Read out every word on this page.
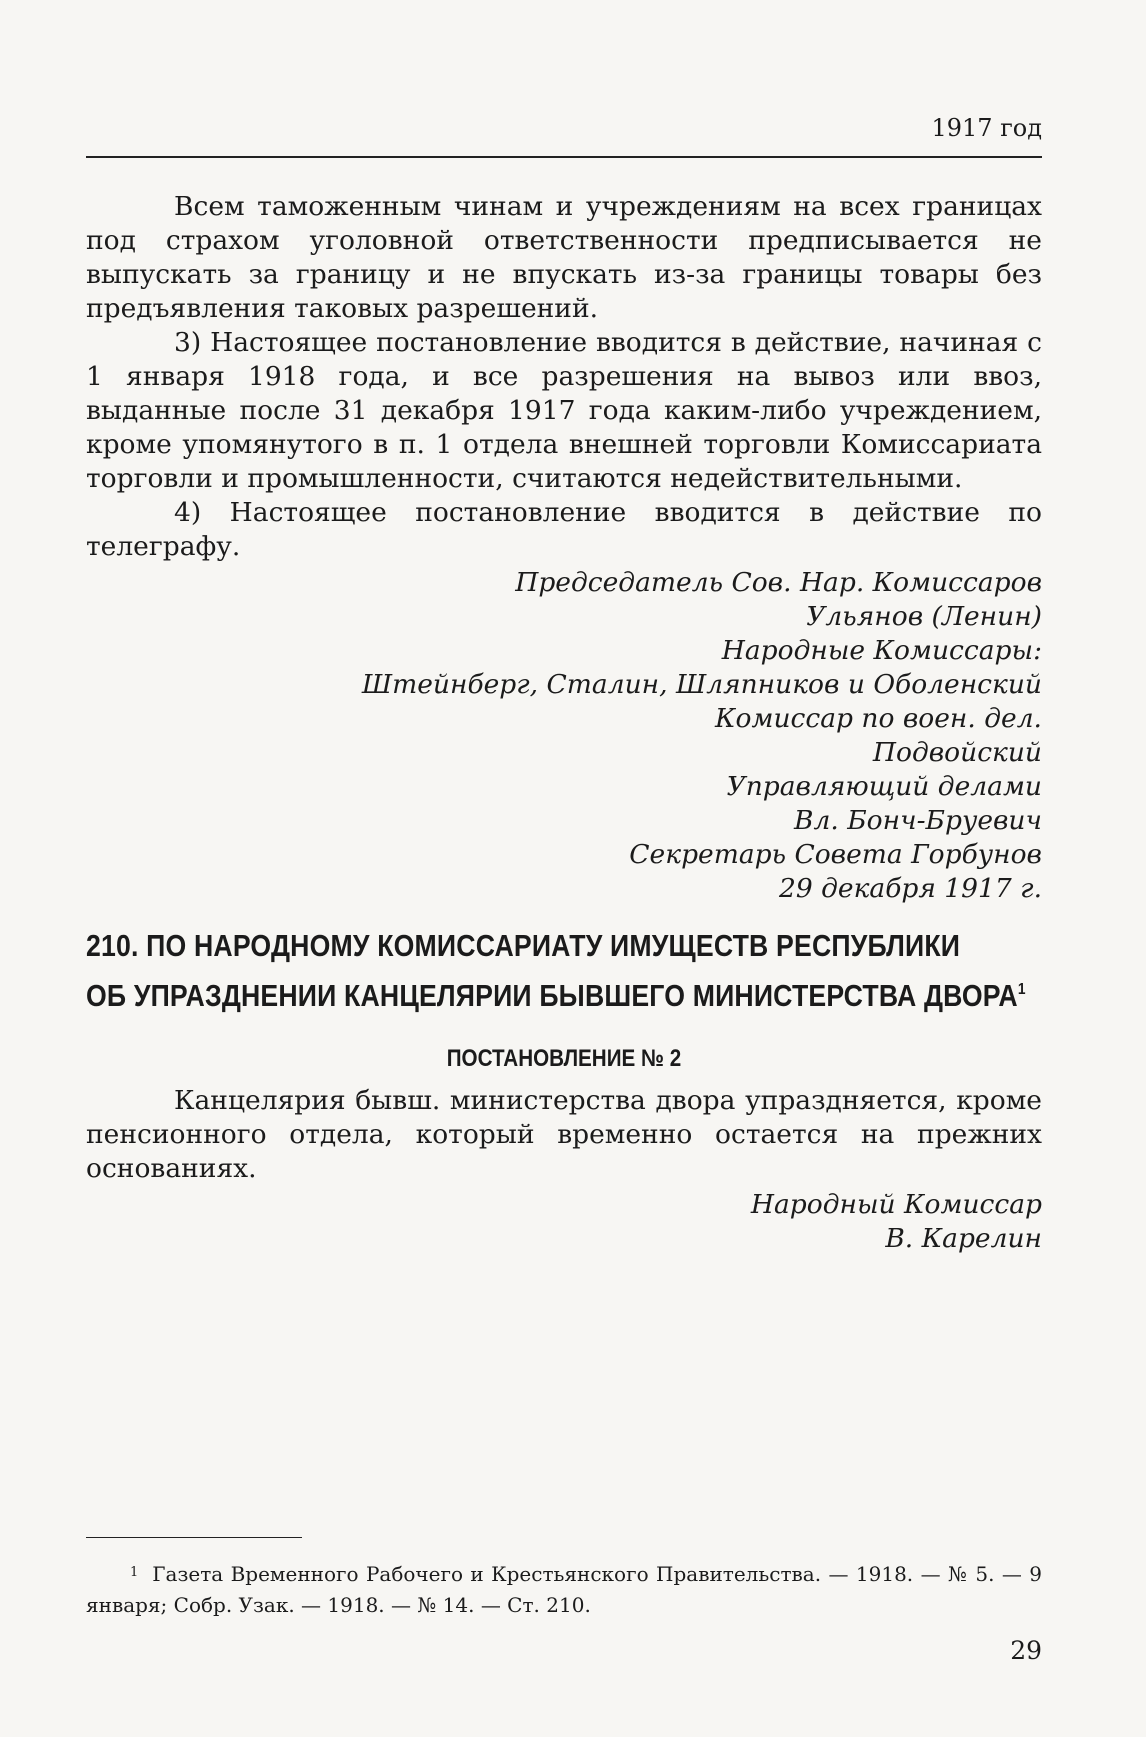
1917 год

Всем таможенным чинам и учреждениям на всех границах под страхом уголовной ответственности предписывается не выпускать за границу и не впускать из-за границы товары без предъявления таковых разрешений.

3) Настоящее постановление вводится в действие, начиная с 1 января 1918 года, и все разрешения на вывоз или ввоз, выданные после 31 декабря 1917 года каким-либо учреждением, кроме упомянутого в п. 1 отдела внешней торговли Комиссариата торговли и промышленности, считаются недействительными.

4) Настоящее постановление вводится в действие по телеграфу.

Председатель Сов. Нар. Комиссаров

Ульянов (Ленин)

Народные Комиссары:

Штейнберг, Сталин, Шляпников и Оболенский

Комиссар по воен. дел.

Подвойский

Управляющий делами

Вл. Бонч-Бруевич

Секретарь Совета Горбунов

29 декабря 1917 г.

210. ПО НАРОДНОМУ КОМИССАРИАТУ ИМУЩЕСТВ РЕСПУБЛИКИ
ОБ УПРАЗДНЕНИИ КАНЦЕЛЯРИИ БЫВШЕГО МИНИСТЕРСТВА ДВОРА$^1$
ПОСТАНОВЛЕНИЕ № 2

Канцелярия бывш. министерства двора упраздняется, кроме пенсионного отдела, который временно остается на прежних основаниях.

Народный Комиссар

В. Карелин

$^1$ Газета Временного Рабочего и Крестьянского Правительства. — 1918. — № 5. — 9 января; Собр. Узак. — 1918. — № 14. — Ст. 210.

29
